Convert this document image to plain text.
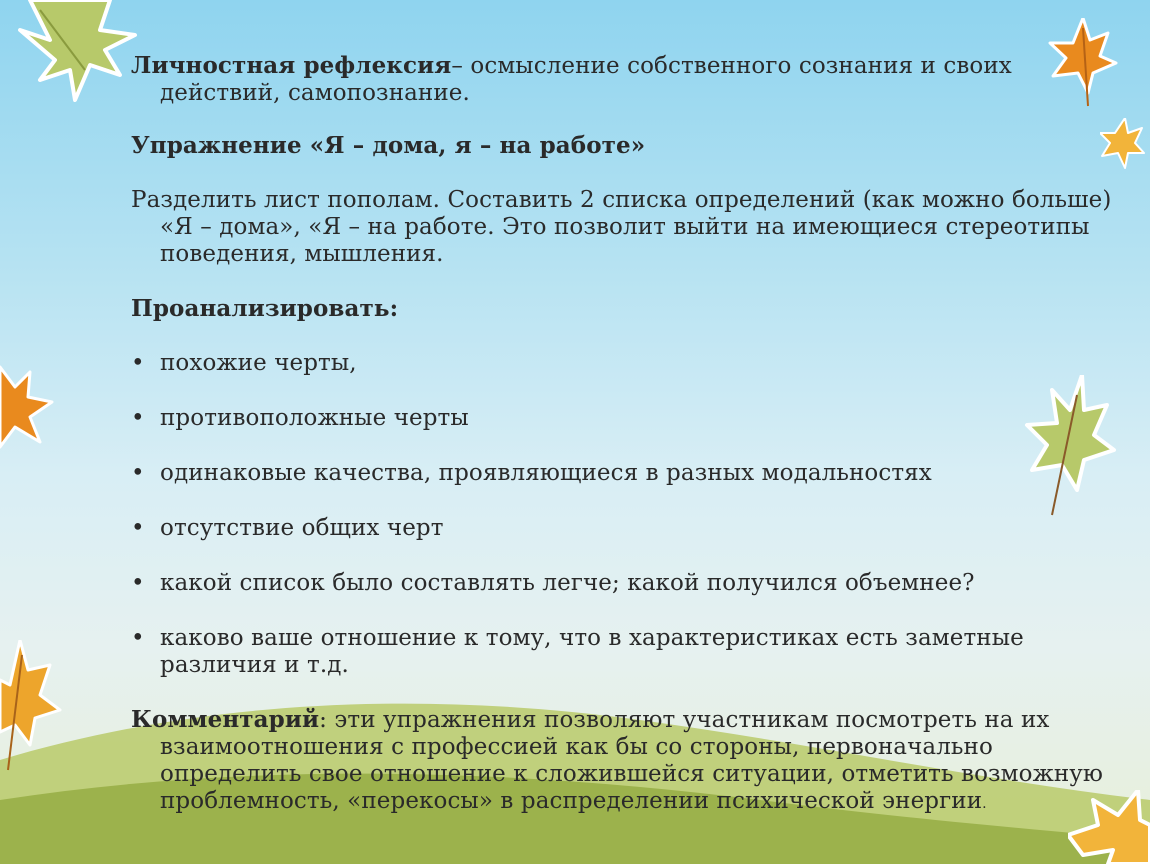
Личностная рефлексия– осмысление собственного сознания и своих действий, самопознание.
Упражнение «Я – дома, я – на работе»
Разделить лист пополам. Составить 2 списка определений (как можно больше) «Я – дома», «Я – на работе. Это позволит выйти на имеющиеся стереотипы поведения, мышления.
Проанализировать:
• похожие черты,
• противоположные черты
• одинаковые качества, проявляющиеся в разных модальностях
• отсутствие общих черт
• какой список было составлять легче; какой получился объемнее?
• каково ваше отношение к тому, что в характеристиках есть заметные различия и т.д.
Комментарий: эти упражнения позволяют участникам посмотреть на их взаимоотношения с профессией как бы со стороны, первоначально определить свое отношение к сложившейся ситуации, отметить возможную проблемность, «перекосы» в распределении психической энергии.
